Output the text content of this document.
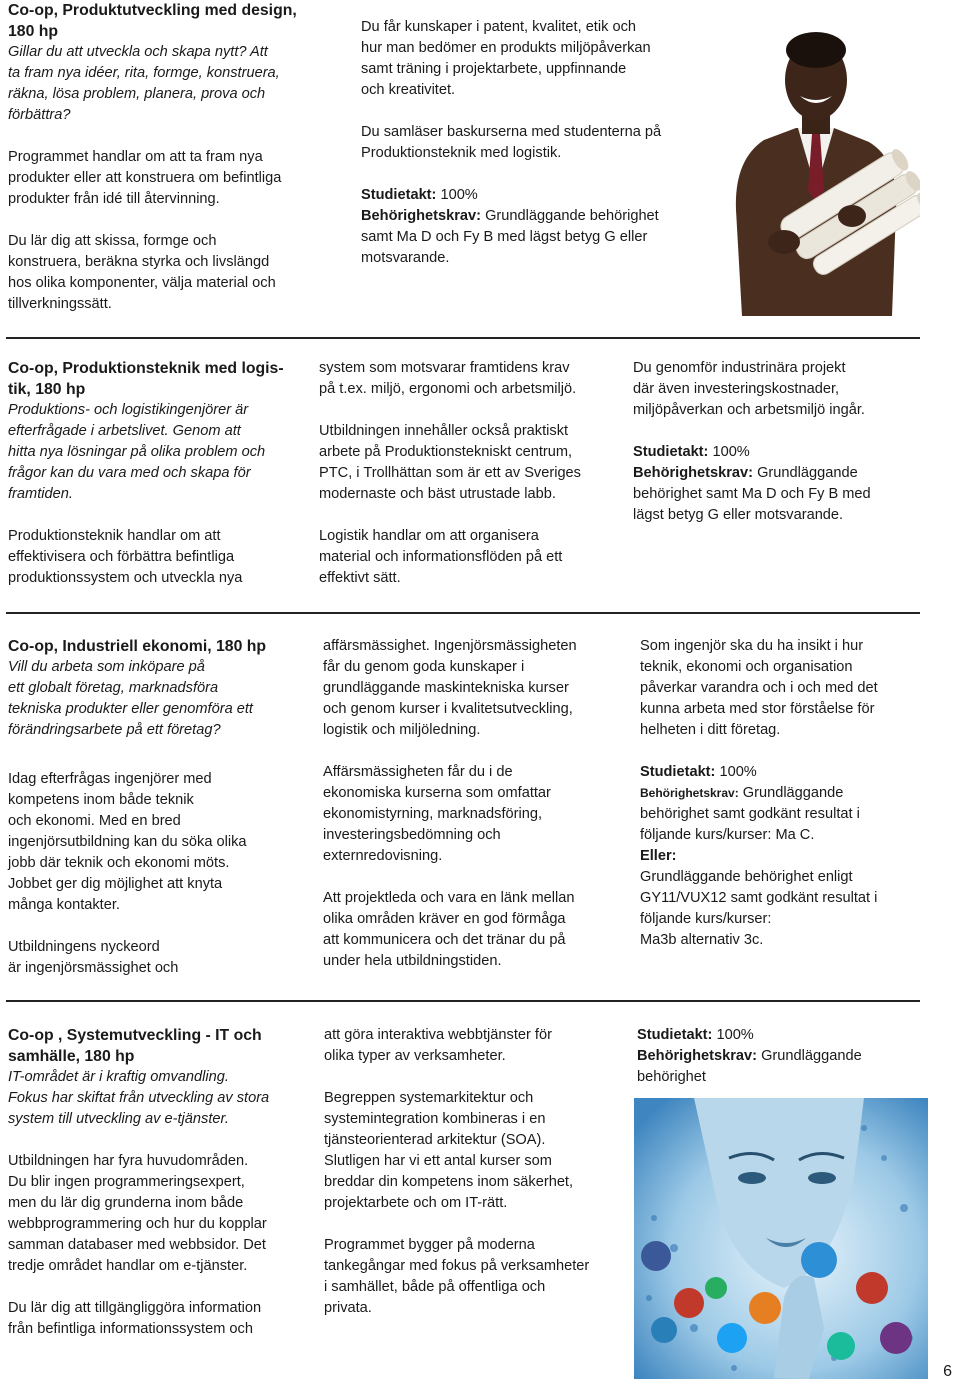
Co-op, Produktutveckling med design,
180 hp

Gillar du att utveckla och skapa nytt? Att
ta fram nya idéer, rita, formge, konstruera,
räkna, lösa problem, planera, prova och
förbättra?

Programmet handlar om att ta fram nya
produkter eller att konstruera om befintliga
produkter från idé till återvinning.

Du lär dig att skissa, formge och
konstruera, beräkna styrka och livslängd
hos olika komponenter, välja material och
tillverkningssätt.

Du får kunskaper i patent, kvalitet, etik och
hur man bedömer en produkts miljöpåverkan
samt träning i projektarbete, uppfinnande
och kreativitet.

Du samläser baskurserna med studenterna på
Produktionsteknik med logistik.

Studietakt: 100%
Behörighetskrav: Grundläggande behörighet
samt Ma D och Fy B med lägst betyg G eller
motsvarande.

Co-op, Produktionsteknik med logis-
tik, 180 hp

Produktions- och logistikingenjörer är
efterfrågade i arbetslivet. Genom att
hitta nya lösningar på olika problem och
frågor kan du vara med och skapa för
framtiden.

Produktionsteknik handlar om att
effektivisera och förbättra befintliga
produktionssystem och utveckla nya

system som motsvarar framtidens krav
på t.ex. miljö, ergonomi och arbetsmiljö.

Utbildningen innehåller också praktiskt
arbete på Produktionstekniskt centrum,
PTC, i Trollhättan som är ett av Sveriges
modernaste och bäst utrustade labb.

Logistik handlar om att organisera
material och informationsflöden på ett
effektivt sätt.

Du genomför industrinära projekt
där även investeringskostnader,
miljöpåverkan och arbetsmiljö ingår.

Studietakt: 100%
Behörighetskrav: Grundläggande
behörighet samt Ma D och Fy B med
lägst betyg G eller motsvarande.

Co-op, Industriell ekonomi, 180 hp

Vill du arbeta som inköpare på
ett globalt företag, marknadsföra
tekniska produkter eller genomföra ett
förändringsarbete på ett företag?

Idag efterfrågas ingenjörer med
kompetens inom både teknik
och ekonomi. Med en bred
ingenjörsutbildning kan du söka olika
jobb där teknik och ekonomi möts.
Jobbet ger dig möjlighet att knyta
många kontakter.

Utbildningens nyckeord
är ingenjörsmässighet och

affärsmässighet. Ingenjörsmässigheten
får du genom goda kunskaper i
grundläggande maskintekniska kurser
och genom kurser i kvalitetsutveckling,
logistik och miljöledning.

Affärsmässigheten får du i de
ekonomiska kurserna som omfattar
ekonomistyrning, marknadsföring,
investeringsbedömning och
externredovisning.

Att projektleda och vara en länk mellan
olika områden kräver en god förmåga
att kommunicera och det tränar du på
under hela utbildningstiden.

Som ingenjör ska du ha insikt i hur
teknik, ekonomi och organisation
påverkar varandra och i och med det
kunna arbeta med stor förståelse för
helheten i ditt företag.

Studietakt: 100%
Behörighetskrav: Grundläggande
behörighet samt godkänt resultat i
följande kurs/kurser: Ma C.
Eller:
Grundläggande behörighet enligt
GY11/VUX12 samt godkänt resultat i
följande kurs/kurser:
Ma3b alternativ 3c.

Co-op , Systemutveckling - IT och
samhälle, 180 hp

IT-området är i kraftig omvandling.
Fokus har skiftat från utveckling av stora
system till utveckling av e-tjänster.

Utbildningen har fyra huvudområden.
Du blir ingen programmeringsexpert,
men du lär dig grunderna inom både
webbprogrammering och hur du kopplar
samman databaser med webbsidor. Det
tredje området handlar om e-tjänster.

Du lär dig att tillgängliggöra information
från befintliga informationssystem och

att göra interaktiva webbtjänster för
olika typer av verksamheter.

Begreppen systemarkitektur och
systemintegration kombineras i en
tjänsteorienterad arkitektur (SOA).
Slutligen har vi ett antal kurser som
breddar din kompetens inom säkerhet,
projektarbete och om IT-rätt.

Programmet bygger på moderna
tankegångar med fokus på verksamheter
i samhället, både på offentliga och
privata.

Studietakt: 100%
Behörighetskrav: Grundläggande
behörighet

6
